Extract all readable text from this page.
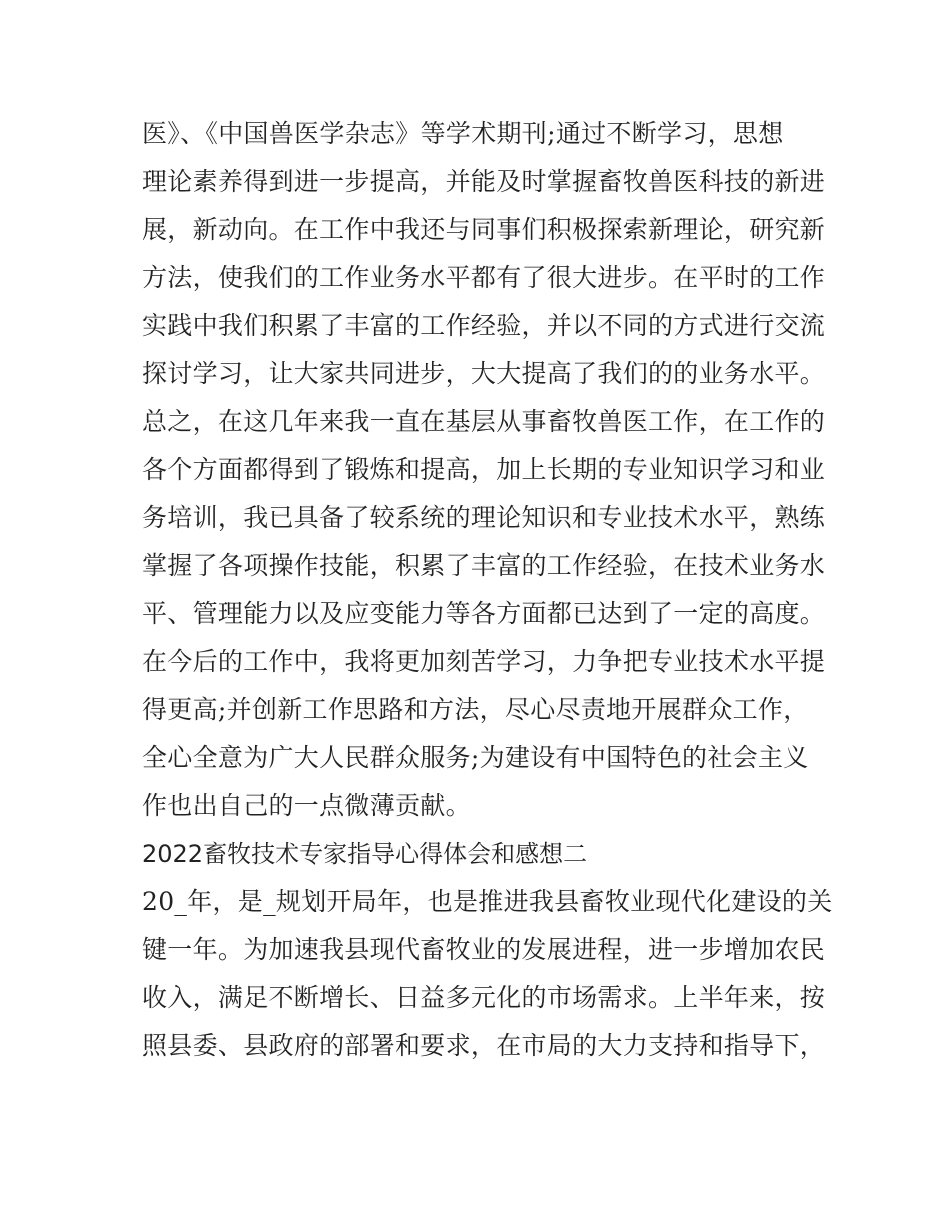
医》、《中国兽医学杂志》等学术期刊;通过不断学习，思想
理论素养得到进一步提高，并能及时掌握畜牧兽医科技的新进
展，新动向。在工作中我还与同事们积极探索新理论，研究新
方法，使我们的工作业务水平都有了很大进步。在平时的工作
实践中我们积累了丰富的工作经验，并以不同的方式进行交流
探讨学习，让大家共同进步，大大提高了我们的的业务水平。
总之，在这几年来我一直在基层从事畜牧兽医工作，在工作的
各个方面都得到了锻炼和提高，加上长期的专业知识学习和业
务培训，我已具备了较系统的理论知识和专业技术水平，熟练
掌握了各项操作技能，积累了丰富的工作经验，在技术业务水
平、管理能力以及应变能力等各方面都已达到了一定的高度。
在今后的工作中，我将更加刻苦学习，力争把专业技术水平提
得更高;并创新工作思路和方法，尽心尽责地开展群众工作，
全心全意为广大人民群众服务;为建设有中国特色的社会主义
作也出自己的一点微薄贡献。
2022畜牧技术专家指导心得体会和感想二
20_年，是_规划开局年，也是推进我县畜牧业现代化建设的关
键一年。为加速我县现代畜牧业的发展进程，进一步增加农民
收入，满足不断增长、日益多元化的市场需求。上半年来，按
照县委、县政府的部署和要求，在市局的大力支持和指导下，
